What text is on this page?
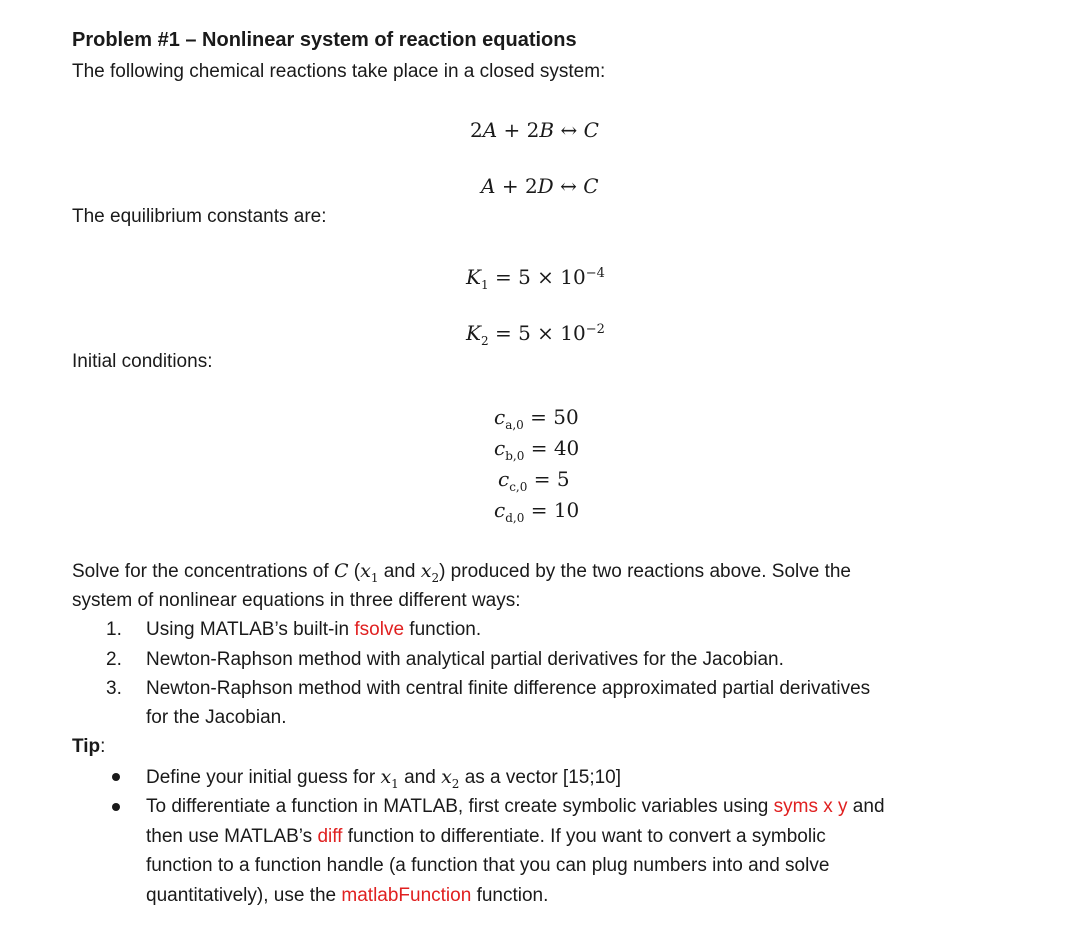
Problem #1 – Nonlinear system of reaction equations
The following chemical reactions take place in a closed system:
2A + 2B ↔ C
A + 2D ↔ C
The equilibrium constants are:
$K_1 = 5 \times 10^{-4}$
$K_2 = 5 \times 10^{-2}$
Initial conditions:
$c_{a,0} = 50$
$c_{b,0} = 40$
$c_{c,0} = 5$
$c_{d,0} = 10$
Solve for the concentrations of C ($x_1$ and $x_2$) produced by the two reactions above. Solve the
system of nonlinear equations in three different ways:
1. Using MATLAB’s built-in fsolve function.
2. Newton-Raphson method with analytical partial derivatives for the Jacobian.
3. Newton-Raphson method with central finite difference approximated partial derivatives
for the Jacobian.
Tip:
Define your initial guess for $x_1$ and $x_2$ as a vector [15;10]
To differentiate a function in MATLAB, first create symbolic variables using syms x y and
then use MATLAB’s diff function to differentiate. If you want to convert a symbolic
function to a function handle (a function that you can plug numbers into and solve
quantitatively), use the matlabFunction function.
